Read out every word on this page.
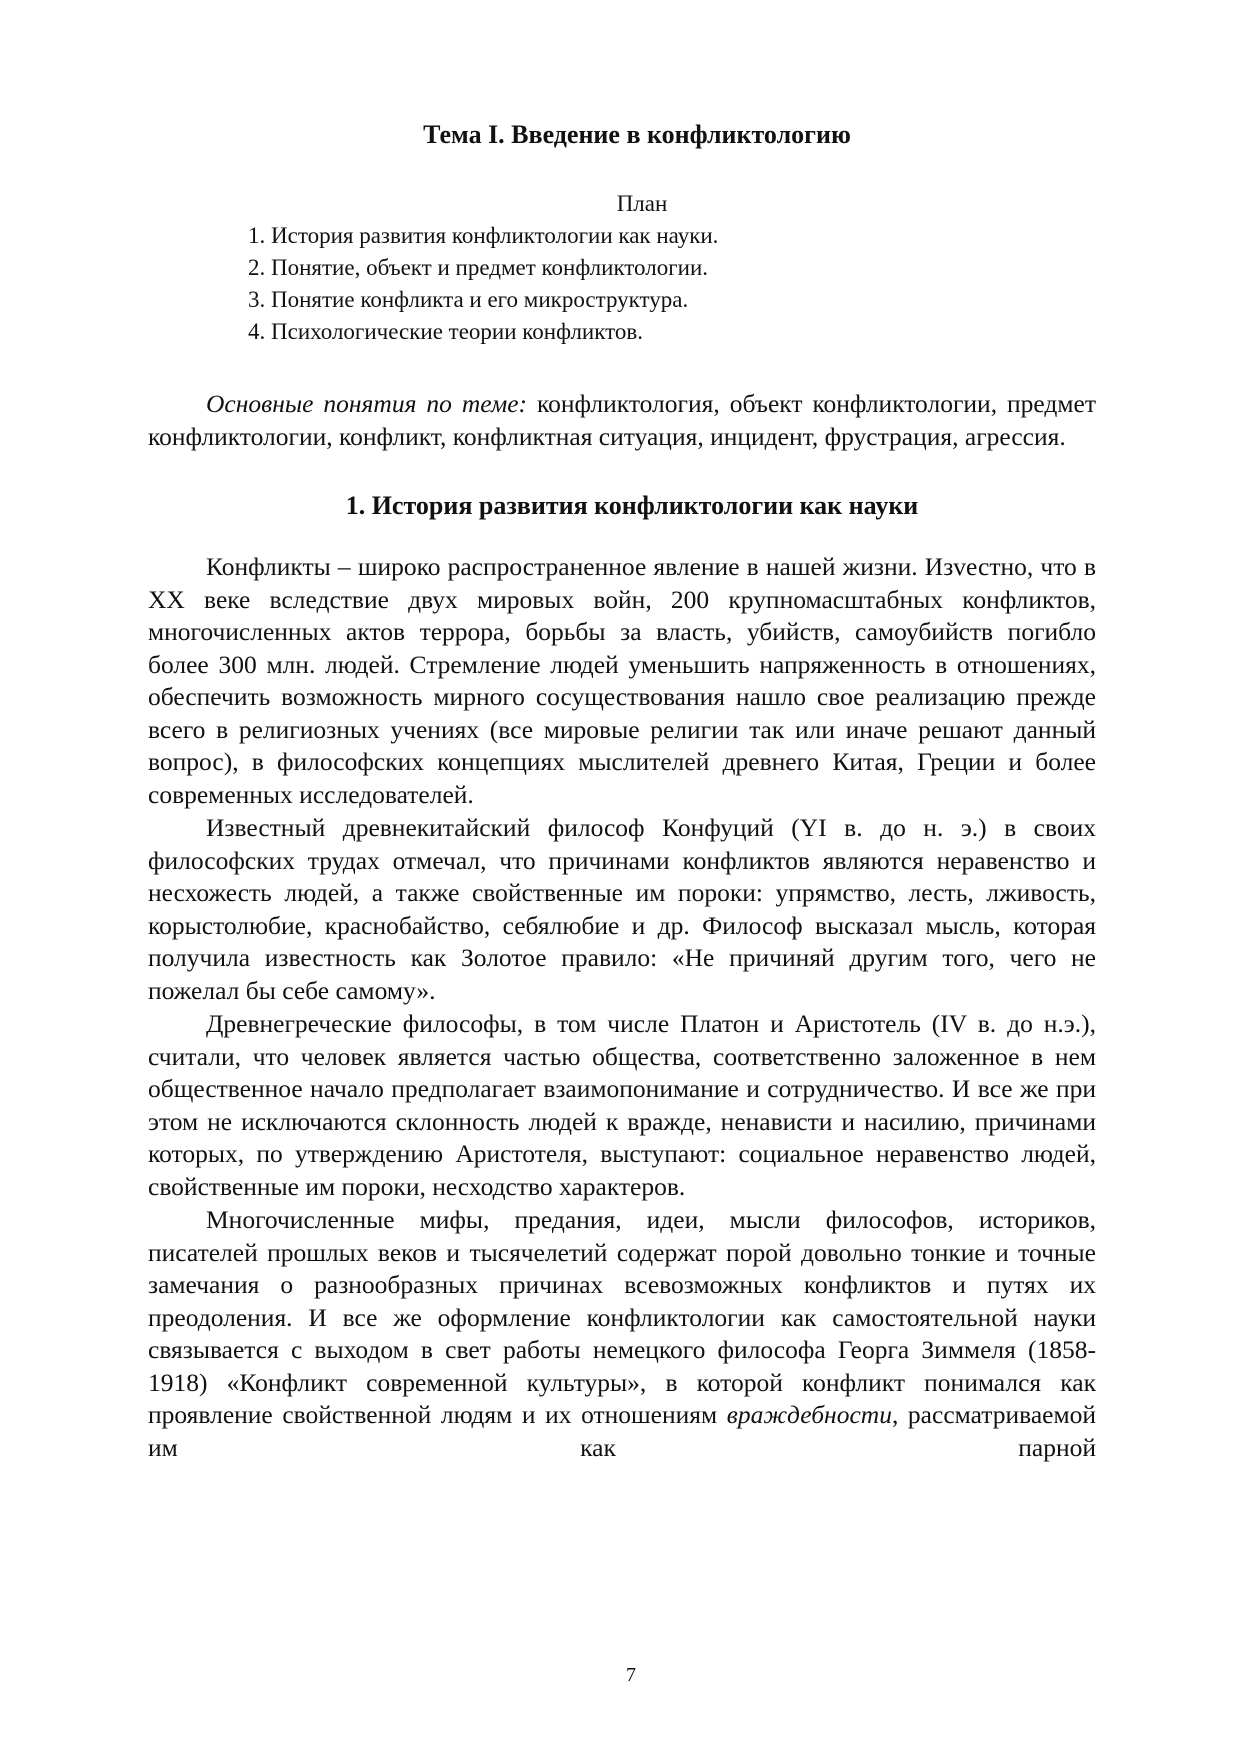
Тема I. Введение в конфликтологию
План
1. История развития конфликтологии как науки.
2. Понятие, объект и предмет конфликтологии.
3. Понятие конфликта и его микроструктура.
4. Психологические теории конфликтов.

Основные понятия по теме: конфликтология, объект конфликтологии, предмет конфликтологии, конфликт, конфликтная ситуация, инцидент, фрустрация, агрессия.

1. История развития конфликтологии как науки

Конфликты – широко распространенное явление в нашей жизни. Изvестно, что в XX веке вследствие двух мировых войн, 200 крупномасштабных конфликтов, многочисленных актов террора, борьбы за власть, убийств, самоубийств погибло более 300 млн. людей. Стремление людей уменьшить напряженность в отношениях, обеспечить возможность мирного сосуществования нашло свое реализацию прежде всего в религиозных учениях (все мировые религии так или иначе решают данный вопрос), в философских концепциях мыслителей древнего Китая, Греции и более современных исследователей.

Известный древнекитайский философ Конфуций (YI в. до н. э.) в своих философских трудах отмечал, что причинами конфликтов являются неравенство и несхожесть людей, а также свойственные им пороки: упрямство, лесть, лживость, корыстолюбие, краснобайство, себялюбие и др. Философ высказал мысль, которая получила известность как Золотое правило: «Не причиняй другим того, чего не пожелал бы себе самому».

Древнегреческие философы, в том числе Платон и Аристотель (IV в. до н.э.), считали, что человек является частью общества, соответственно заложенное в нем общественное начало предполагает взаимопонимание и сотрудничество. И все же при этом не исключаются склонность людей к вражде, ненависти и насилию, причинами которых, по утверждению Аристотеля, выступают: социальное неравенство людей, свойственные им пороки, несходство характеров.

Многочисленные мифы, предания, идеи, мысли философов, историков, писателей прошлых веков и тысячелетий содержат порой довольно тонкие и точные замечания о разнообразных причинах всевозможных конфликтов и путях их преодоления. И все же оформление конфликтологии как самостоятельной науки связывается с выходом в свет работы немецкого философа Георга Зиммеля (1858-1918) «Конфликт современной культуры», в которой конфликт понимался как проявление свойственной людям и их отношениям враждебности, рассматриваемой им как парной

7
